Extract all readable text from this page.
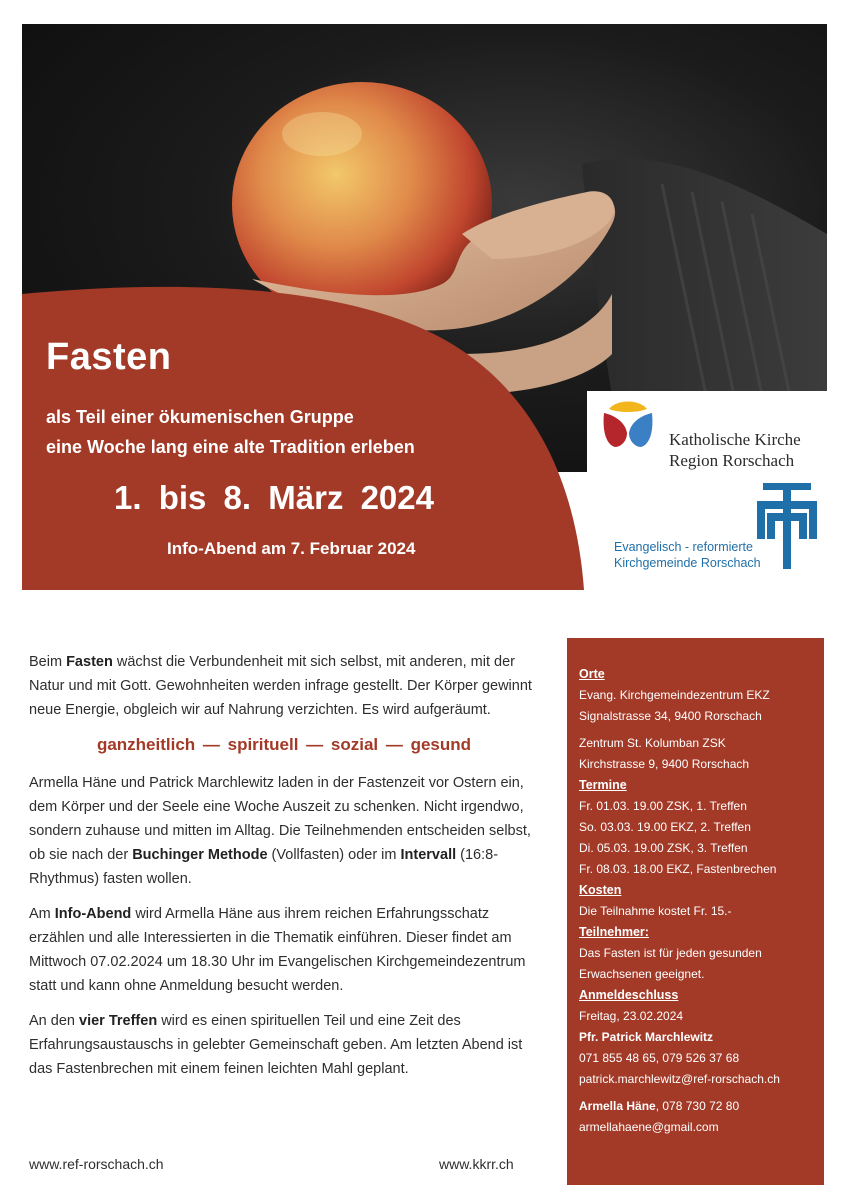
Fasten
als Teil einer ökumenischen Gruppe
eine Woche lang eine alte Tradition erleben
1. bis 8. März 2024
Info-Abend am 7. Februar 2024
Katholische Kirche
Region Rorschach
Evangelisch - reformierte
Kirchgemeinde Rorschach

Beim Fasten wächst die Verbundenheit mit sich selbst, mit anderen, mit der Natur und mit Gott. Gewohnheiten werden infrage gestellt. Der Körper gewinnt neue Energie, obgleich wir auf Nahrung verzichten. Es wird aufgeräumt.

ganzheitlich — spirituell — sozial — gesund

Armella Häne und Patrick Marchlewitz laden in der Fastenzeit vor Ostern ein, dem Körper und der Seele eine Woche Auszeit zu schenken. Nicht irgendwo, sondern zuhause und mitten im Alltag. Die Teilnehmenden entscheiden selbst, ob sie nach der Buchinger Methode (Vollfasten) oder im Intervall (16:8-Rhythmus) fasten wollen.

Am Info-Abend wird Armella Häne aus ihrem reichen Erfahrungsschatz erzählen und alle Interessierten in die Thematik einführen. Dieser findet am Mittwoch 07.02.2024 um 18.30 Uhr im Evangelischen Kirchgemeindezentrum statt und kann ohne Anmeldung besucht werden.

An den vier Treffen wird es einen spirituellen Teil und eine Zeit des Erfahrungsaustauschs in gelebter Gemeinschaft geben. Am letzten Abend ist das Fastenbrechen mit einem feinen leichten Mahl geplant.

www.ref-rorschach.ch	www.kkrr.ch
Orte
Evang. Kirchgemeindezentrum EKZ
Signalstrasse 34, 9400 Rorschach
Zentrum St. Kolumban ZSK
Kirchstrasse 9, 9400 Rorschach
Termine
Fr. 01.03. 19.00 ZSK, 1. Treffen
So. 03.03. 19.00 EKZ, 2. Treffen
Di. 05.03. 19.00 ZSK, 3. Treffen
Fr. 08.03. 18.00 EKZ, Fastenbrechen
Kosten
Die Teilnahme kostet Fr. 15.-
Teilnehmer:
Das Fasten ist für jeden gesunden
Erwachsenen geeignet.
Anmeldeschluss
Freitag, 23.02.2024
Pfr. Patrick Marchlewitz
071 855 48 65, 079 526 37 68
patrick.marchlewitz@ref-rorschach.ch
Armella Häne, 078 730 72 80
armellahaene@gmail.com
